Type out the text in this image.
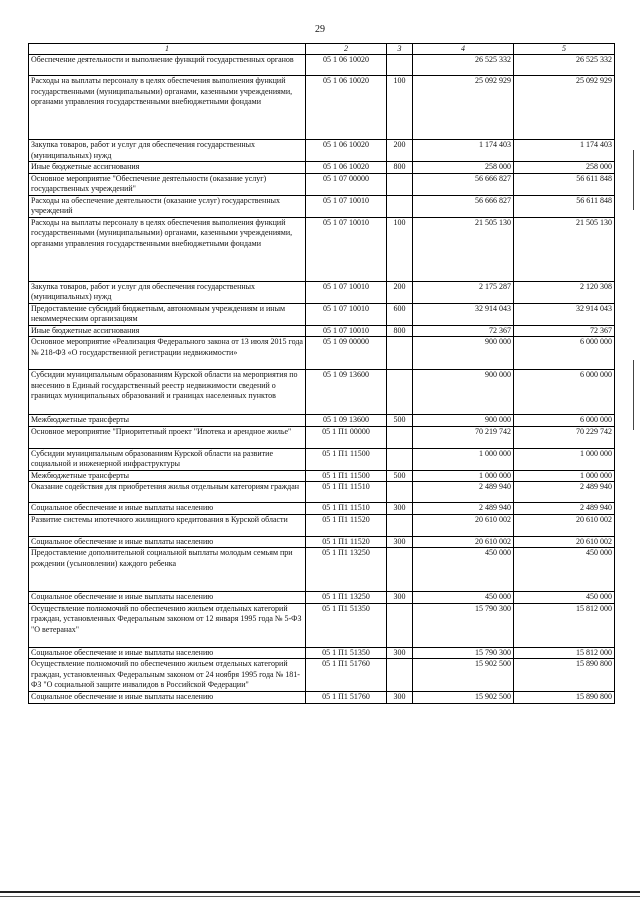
29
1	2	3	4	5
Обеспечение деятельности и выполнение функций государственных органов	05 1 06 10020		26 525 332	26 525 332
Расходы на выплаты персоналу в целях обеспечения выполнения функций государственными (муниципальными) органами, казенными учреждениями, органами управления государственными внебюджетными фондами	05 1 06 10020	100	25 092 929	25 092 929
Закупка товаров, работ и услуг для обеспечения государственных (муниципальных) нужд	05 1 06 10020	200	1 174 403	1 174 403
Иные бюджетные ассигнования	05 1 06 10020	800	258 000	258 000
Основное мероприятие "Обеспечение деятельности (оказание услуг) государственных учреждений"	05 1 07 00000		56 666 827	56 611 848
Расходы на обеспечение деятельности (оказание услуг) государственных учреждений	05 1 07 10010		56 666 827	56 611 848
Расходы на выплаты персоналу в целях обеспечения выполнения функций государственными (муниципальными) органами, казенными учреждениями, органами управления государственными внебюджетными фондами	05 1 07 10010	100	21 505 130	21 505 130
Закупка товаров, работ и услуг для обеспечения государственных (муниципальных) нужд	05 1 07 10010	200	2 175 287	2 120 308
Предоставление субсидий бюджетным, автономным учреждениям и иным некоммерческим организациям	05 1 07 10010	600	32 914 043	32 914 043
Иные бюджетные ассигнования	05 1 07 10010	800	72 367	72 367
Основное мероприятие «Реализация Федерального закона от 13 июля 2015 года № 218-ФЗ «О государственной регистрации недвижимости»	05 1 09 00000		900 000	6 000 000
Субсидии муниципальным образованиям Курской области на мероприятия по внесению в Единый государственный реестр недвижимости сведений о границах муниципальных образований и границах населенных пунктов	05 1 09 13600		900 000	6 000 000
Межбюджетные трансферты	05 1 09 13600	500	900 000	6 000 000
Основное мероприятие "Приоритетный проект "Ипотека и арендное жилье"	05 1 П1 00000		70 219 742	70 229 742
Субсидии муниципальным образованиям Курской области на развитие социальной и инженерной инфраструктуры	05 1 П1 11500		1 000 000	1 000 000
Межбюджетные трансферты	05 1 П1 11500	500	1 000 000	1 000 000
Оказание содействия для приобретения жилья отдельным категориям граждан	05 1 П1 11510		2 489 940	2 489 940
Социальное обеспечение и иные выплаты населению	05 1 П1 11510	300	2 489 940	2 489 940
Развитие системы ипотечного жилищного кредитования в Курской области	05 1 П1 11520		20 610 002	20 610 002
Социальное обеспечение и иные выплаты населению	05 1 П1 11520	300	20 610 002	20 610 002
Предоставление дополнительной социальной выплаты молодым семьям при рождении (усыновлении) каждого ребенка	05 1 П1 13250		450 000	450 000
Социальное обеспечение и иные выплаты населению	05 1 П1 13250	300	450 000	450 000
Осуществление полномочий по обеспечению жильем отдельных категорий граждан, установленных Федеральным законом от 12 января 1995 года № 5-ФЗ "О ветеранах"	05 1 П1 51350		15 790 300	15 812 000
Социальное обеспечение и иные выплаты населению	05 1 П1 51350	300	15 790 300	15 812 000
Осуществление полномочий по обеспечению жильем отдельных категорий граждан, установленных Федеральным законом от 24 ноября 1995 года № 181-ФЗ "О социальной защите инвалидов в Российской Федерации"	05 1 П1 51760		15 902 500	15 890 800
Социальное обеспечение и иные выплаты населению	05 1 П1 51760	300	15 902 500	15 890 800
